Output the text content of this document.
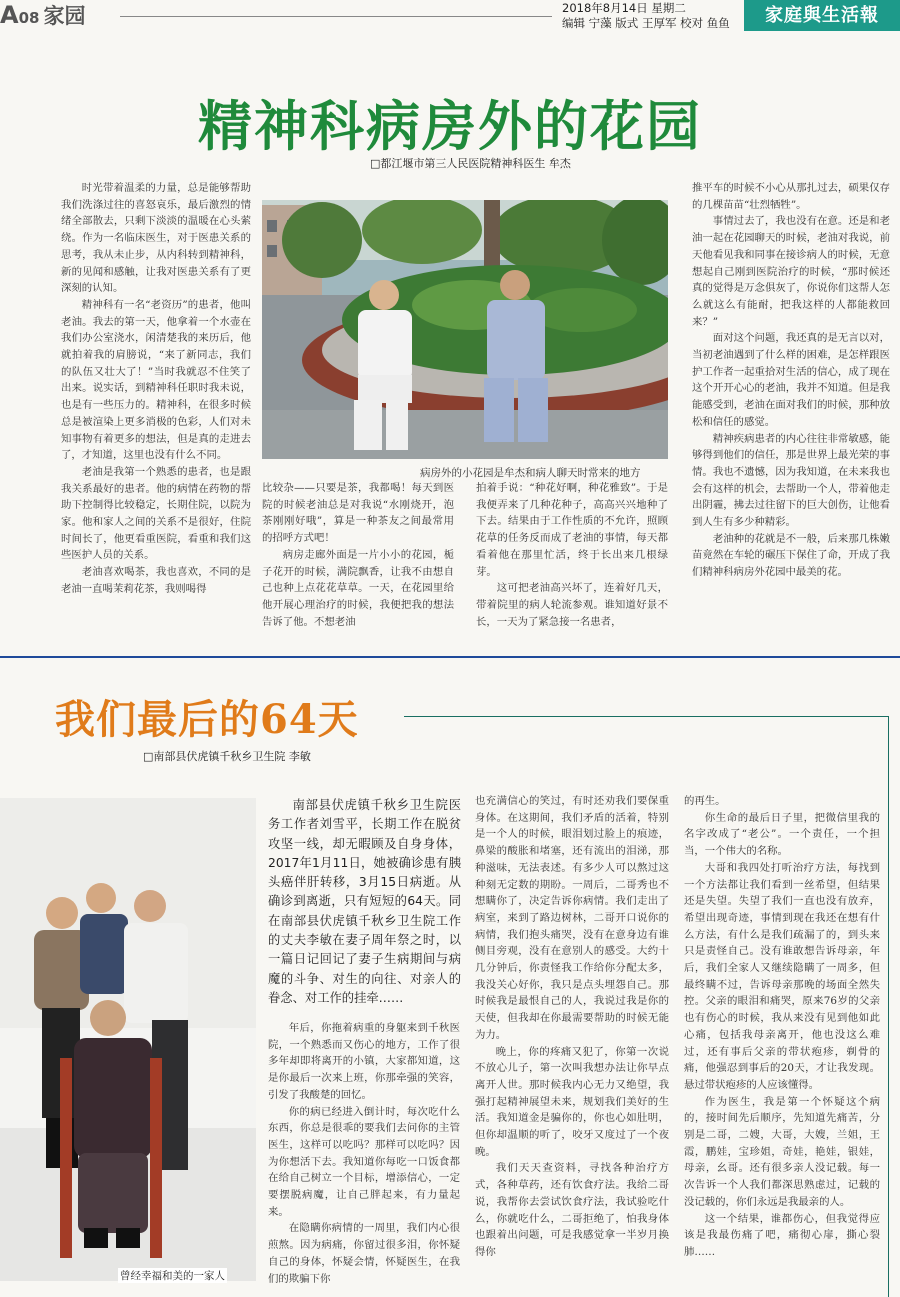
A08 家园	2018年8月14日 星期二
编辑 宁藻 版式 王厚军 校对 鱼鱼	家庭與生活報
精神科病房外的花园
□都江堰市第三人民医院精神科医生 牟杰

时光带着温柔的力量，总是能够帮助我们洗涤过往的喜怒哀乐，最后激烈的情绪全部散去，只剩下淡淡的温暖在心头萦绕。作为一名临床医生，对于医患关系的思考，我从未止步，从内科转到精神科，新的见闻和感触，让我对医患关系有了更深刻的认知。

精神科有一名“老资历”的患者，他叫老油。我去的第一天，他拿着一个水壶在我们办公室浇水，闲清楚我的来历后，他就拍着我的肩膀说，“来了新同志，我们的队伍又壮大了！”当时我就忍不住笑了出来。说实话，到精神科任职时我未说，也是有一些压力的。精神科，在很多时候总是被渲染上更多消极的色彩，人们对未知事物有着更多的想法，但是真的走进去了，才知道，这里也没有什么不同。

老油是我第一个熟悉的患者，也是跟我关系最好的患者。他的病情在药物的帮助下控制得比较稳定，长期住院，以院为家。他和家人之间的关系不是很好，住院时间长了，他更看重医院，看重和我们这些医护人员的关系。

老油喜欢喝茶，我也喜欢，不同的是老油一直喝茉莉花茶，我则喝得

病房外的小花园是牟杰和病人聊天时常来的地方

比较杂——只要是茶，我都喝！每天到医院的时候老油总是对我说“水刚烧开，泡茶刚刚好哦”，算是一种茶友之间最常用的招呼方式吧！

病房走廊外面是一片小小的花园，栀子花开的时候，满院飘香，让我不由想自己也种上点花花草草。一天，在花园里给他开展心理治疗的时候，我便把我的想法告诉了他。不想老油

拍着手说：“种花好啊，种花雅致”。于是我便弄来了几种花种子，高高兴兴地种了下去。结果由于工作性质的不允许，照顾花草的任务反而成了老油的事情，每天都看着他在那里忙活，终于长出来几根绿芽。

这可把老油高兴坏了，连着好几天，带着院里的病人轮流参观。谁知道好景不长，一天为了紧急接一名患者，

推平车的时候不小心从那扎过去，硕果仅存的几棵苗苗“壮烈牺牲”。

事情过去了，我也没有在意。还是和老油一起在花园聊天的时候，老油对我说，前天他看见我和同事在接诊病人的时候，无意想起自己刚到医院治疗的时候，“那时候还真的觉得是万念俱灰了，你说你们这帮人怎么就这么有能耐，把我这样的人都能救回来？”

面对这个问题，我还真的是无言以对，当初老油遇到了什么样的困难，是怎样跟医护工作者一起重拾对生活的信心，成了现在这个开开心心的老油，我并不知道。但是我能感受到，老油在面对我们的时候，那种放松和信任的感觉。

精神疾病患者的内心往往非常敏感，能够得到他们的信任，那是世界上最光荣的事情。我也不遗憾，因为我知道，在未来我也会有这样的机会，去帮助一个人，带着他走出阴霾，拂去过往留下的巨大创伤，让他看到人生有多少种精彩。

老油种的花就是不一般，后来那几株嫩苗竟然在车轮的碾压下保住了命，开成了我们精神科病房外花园中最美的花。

我们最后的64天
□南部县伏虎镇千秋乡卫生院 李敏
曾经幸福和美的一家人

南部县伏虎镇千秋乡卫生院医务工作者刘雪平，长期工作在脱贫攻坚一线，却无暇顾及自身身体，2017年1月11日，她被确诊患有胰头癌伴肝转移，3月15日病逝。从确诊到离逝，只有短短的64天。同在南部县伏虎镇千秋乡卫生院工作的丈夫李敏在妻子周年祭之时，以一篇日记回记了妻子生病期间与病魔的斗争、对生的向往、对亲人的眷念、对工作的挂牵……

年后，你拖着病重的身躯来到千秋医院，一个熟悉而又伤心的地方，工作了很多年却即将离开的小镇，大家都知道，这是你最后一次来上班，你那牵强的笑容，引发了我酸楚的回忆。

你的病已经进入倒计时，每次吃什么东西，你总是很乖的要我们去问你的主管医生，这样可以吃吗？那样可以吃吗？因为你想活下去。我知道你每吃一口饭食都在给自己树立一个目标，增添信心，一定要摆脱病魔，让自己胖起来，有力量起来。

在隐瞒你病情的一周里，我们内心很煎熬。因为病痛，你留过很多泪，你怀疑自己的身体，怀疑会情，怀疑医生，在我们的欺骗下你

也充满信心的笑过，有时还劝我们要保重身体。在这期间，我们矛盾的活着，特别是一个人的时候，眼泪划过脸上的痕迹，鼻梁的酸胀和堵塞，还有流出的泪涕，那种滋味，无法表述。有多少人可以熬过这种刻无定数的期盼。一周后，二哥秀也不想瞒你了，决定告诉你病情。我们走出了病室，来到了路边树林，二哥开口说你的病情，我们抱头痛哭，没有在意身边有谁侧目旁观，没有在意别人的感受。大约十几分钟后，你责怪我工作给你分配太多，我没关心好你，我只是点头埋怨自己。那时候我是最恨自己的人，我说过我是你的天使，但我却在你最需要帮助的时候无能为力。

晚上，你的疼痛又犯了，你第一次说不放心儿子，第一次叫我想办法让你早点离开人世。那时候我内心无力又绝望，我强打起精神展望未来，规划我们美好的生活。我知道金是骗你的，你也心如肚明，但你却温顺的听了，咬牙又度过了一个夜晚。

我们天天查资料，寻找各种治疗方式，各种草药，还有饮食疗法。我给二哥说，我帮你去尝试饮食疗法，我试验吃什么，你就吃什么，二哥拒绝了，怕我身体也跟着出问题，可是我感觉拿一半岁月换得你

的再生。

你生命的最后日子里，把微信里我的名字改成了“老公”。一个责任，一个担当，一个伟大的名称。

大哥和我四处打听治疗方法，每找到一个方法都让我们看到一丝希望，但结果还是失望。失望了我们一直也没有放弃，希望出现奇迹，事情到现在我还在想有什么方法，有什么是我们疏漏了的，到头来只是责怪自己。没有谁敢想告诉母亲，年后，我们全家人又继续隐瞒了一周多，但最终瞒不过，告诉母亲那晚的场面全然失控。父亲的眼泪和痛哭，原来76岁的父亲也有伤心的时候，我从来没有见到他如此心痛，包括我母亲离开，他也没这么难过，还有事后父亲的带状疱疹，剃骨的痛，他强忍到事后的20天，才让我发现。悬过带状疱疹的人应该懂得。

作为医生，我是第一个怀疑这个病的，接时间先后顺序，先知道先痛苦，分别是二哥，二嫂，大哥，大嫂，兰姐，王霞，鹏娃，宝珍姐，奇娃，艳娃，银娃，母亲，幺哥。还有很多亲人没记载。每一次告诉一个人我们都深思熟虑过，记载的没记载的，你们永远是我最亲的人。

这一个结果，谁都伤心，但我觉得应该是我最伤痛了吧，痛彻心扉，撕心裂肺……
